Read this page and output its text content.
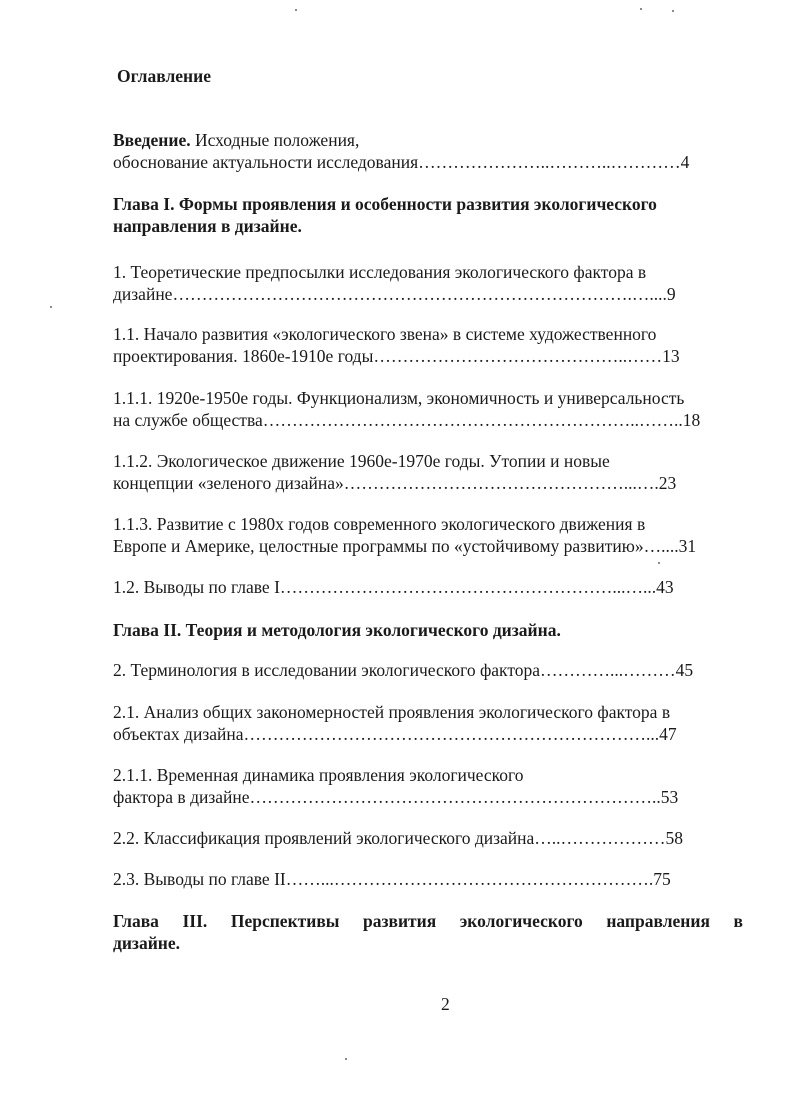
Оглавление
Введение. Исходные положения,
обоснование актуальности исследования…………………..………..…………4
Глава I. Формы проявления и особенности развития экологического
направления в дизайне.
1. Теоретические предпосылки исследования экологического фактора в
дизайне…………………………………………………………………….…....9
1.1. Начало развития «экологического звена» в системе художественного
проектирования. 1860е-1910е годы……………………………………..……13
1.1.1. 1920е-1950е годы. Функционализм, экономичность и универсальность
на службе общества………………………………………………………..……..18
1.1.2. Экологическое движение 1960е-1970е годы. Утопии и новые
концепции «зеленого дизайна»…………………………………………...….23
1.1.3. Развитие с 1980х годов современного экологического движения в
Европе и Америке, целостные программы по «устойчивому развитию»…....31
1.2. Выводы по главе I…………………………………………………...…...43
Глава II. Теория и методология экологического дизайна.
2. Терминология в исследовании экологического фактора…………...………45
2.1. Анализ общих закономерностей проявления экологического фактора в
объектах дизайна……………………………………………………………...47
2.1.1. Временная динамика проявления экологического
фактора в дизайне……………………………………………………………..53
2.2. Классификация проявлений экологического дизайна…..………………58
2.3. Выводы по главе II……...……………………………………………….75
Глава III. Перспективы развития экологического направления в
дизайне.
2
